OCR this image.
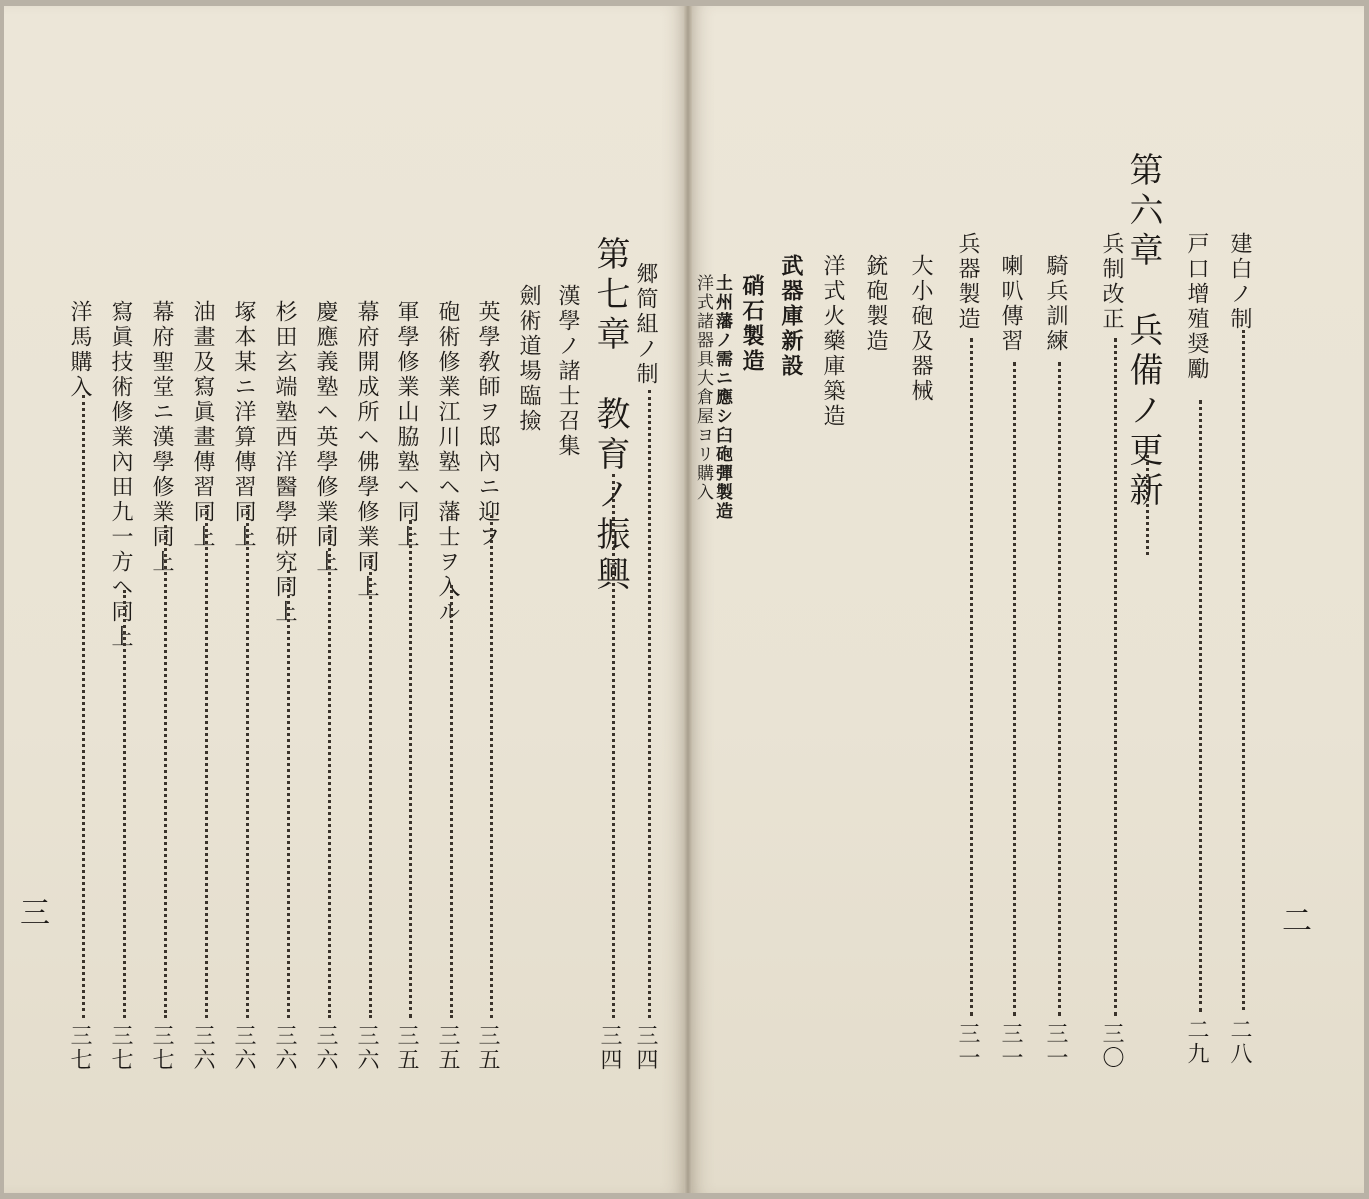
建白ノ制
二八
戸口增殖奨勵
二九
第六章　兵備ノ更新
兵制改正
三〇
騎兵訓練
三一
喇叭傳習
三一
兵器製造
三一
大小砲及器械
銃砲製造
洋式火藥庫築造
武器庫新設
硝石製造
土州藩ノ需ニ應シ臼砲彈製造
洋式諸器具大倉屋ヨリ購入
二
郷简組ノ制
三四
第七章　教育ノ振興
三四
漢學ノ諸士召集
劍術道場臨撿
英學敎師ヲ邸內ニ迎フ
三五
砲術修業江川塾ヘ藩士ヲ入ル
三五
軍學修業山脇塾ヘ同上
三五
幕府開成所ヘ佛學修業同上
三六
慶應義塾ヘ英學修業同上
三六
杉田玄端塾西洋醫學研究同上
三六
塚本某ニ洋算傳習同上
三六
油畫及寫眞畫傳習同上
三六
幕府聖堂ニ漢學修業同上
三七
寫眞技術修業內田九一方ヘ同上
三七
洋馬購入
三七
三
